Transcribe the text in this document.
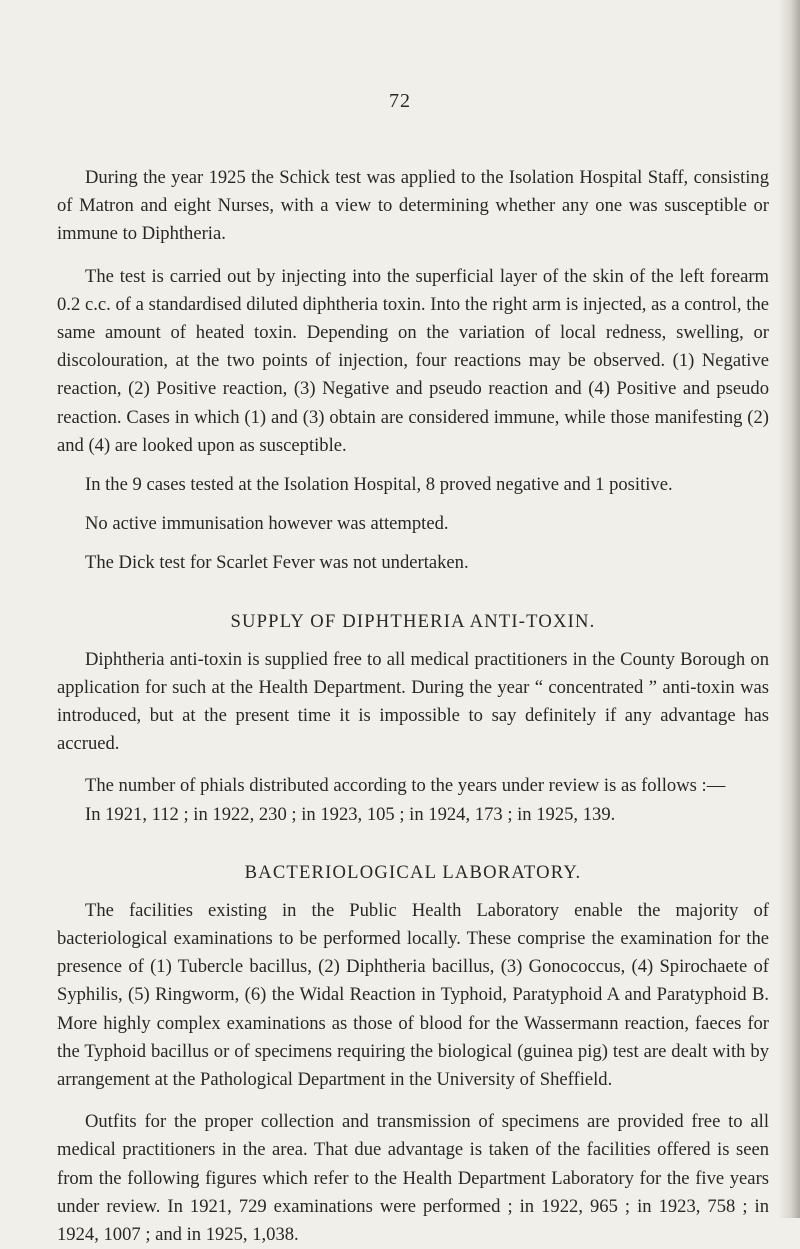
72

During the year 1925 the Schick test was applied to the Isolation Hospital Staff, consisting of Matron and eight Nurses, with a view to determining whether any one was susceptible or immune to Diphtheria.

The test is carried out by injecting into the superficial layer of the skin of the left forearm 0.2 c.c. of a standardised diluted diphtheria toxin. Into the right arm is injected, as a control, the same amount of heated toxin. Depending on the variation of local redness, swelling, or discolouration, at the two points of injection, four reactions may be observed. (1) Negative reaction, (2) Positive reaction, (3) Negative and pseudo reaction and (4) Positive and pseudo reaction. Cases in which (1) and (3) obtain are considered immune, while those manifesting (2) and (4) are looked upon as susceptible.

In the 9 cases tested at the Isolation Hospital, 8 proved negative and 1 positive.

No active immunisation however was attempted.

The Dick test for Scarlet Fever was not undertaken.

SUPPLY OF DIPHTHERIA ANTI-TOXIN.

Diphtheria anti-toxin is supplied free to all medical practitioners in the County Borough on application for such at the Health Department. During the year “ concentrated ” anti-toxin was introduced, but at the present time it is impossible to say definitely if any advantage has accrued.

The number of phials distributed according to the years under review is as follows :—

In 1921, 112 ; in 1922, 230 ; in 1923, 105 ; in 1924, 173 ; in 1925, 139.

BACTERIOLOGICAL LABORATORY.

The facilities existing in the Public Health Laboratory enable the majority of bacteriological examinations to be performed locally. These comprise the examination for the presence of (1) Tubercle bacillus, (2) Diphtheria bacillus, (3) Gonococcus, (4) Spirochaete of Syphilis, (5) Ringworm, (6) the Widal Reaction in Typhoid, Paratyphoid A and Paratyphoid B. More highly complex examinations as those of blood for the Wassermann reaction, faeces for the Typhoid bacillus or of specimens requiring the biological (guinea pig) test are dealt with by arrangement at the Pathological Department in the University of Sheffield.

Outfits for the proper collection and transmission of specimens are provided free to all medical practitioners in the area. That due advantage is taken of the facilities offered is seen from the following figures which refer to the Health Department Laboratory for the five years under review. In 1921, 729 examinations were performed ; in 1922, 965 ; in 1923, 758 ; in 1924, 1007 ; and in 1925, 1,038.
